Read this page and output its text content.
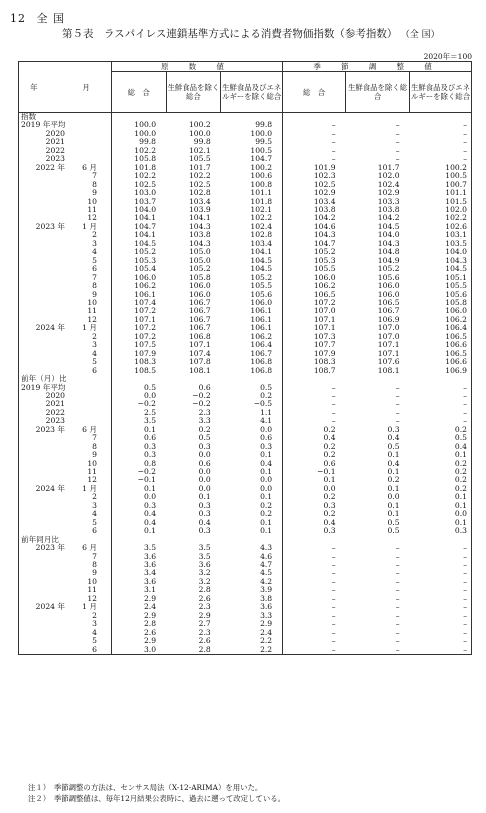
12 全 国
第５表　ラスパイレス連鎖基準方式による消費者物価指数（参考指数） （全 国）
2020年＝100
年　　月	原 数 値			季 節 調 整 値		
	総　合	生鮮食品を除く総合	生鮮食品及びエネルギーを除く総合	総　合	生鮮食品を除く総合	生鮮食品及びエネルギーを除く総合
指数						
2019 年平均	100.0	100.2	99.8	–	–	–
2020	100.0	100.0	100.0	–	–	–
2021	99.8	99.8	99.5	–	–	–
2022	102.2	102.1	100.5	–	–	–
2023	105.8	105.5	104.7	–	–	–
2022 年 6 月	101.8	101.7	100.2	101.9	101.7	100.2
7	102.2	102.2	100.6	102.3	102.0	100.5
8	102.5	102.5	100.8	102.5	102.4	100.7
9	103.0	102.8	101.1	102.9	102.9	101.1
10	103.7	103.4	101.8	103.4	103.3	101.5
11	104.0	103.9	102.1	103.8	103.8	102.0
12	104.1	104.1	102.2	104.2	104.2	102.2
2023 年 1 月	104.7	104.3	102.4	104.6	104.5	102.6
2	104.1	103.8	102.8	104.3	104.0	103.1
3	104.5	104.3	103.4	104.7	104.3	103.5
4	105.2	105.0	104.1	105.2	104.8	104.0
5	105.3	105.0	104.5	105.3	104.9	104.3
6	105.4	105.2	104.5	105.5	105.2	104.5
7	106.0	105.8	105.2	106.0	105.6	105.1
8	106.2	106.0	105.5	106.2	106.0	105.5
9	106.1	106.0	105.6	106.5	106.0	105.6
10	107.4	106.7	106.0	107.2	106.5	105.8
11	107.2	106.7	106.1	107.0	106.7	106.0
12	107.1	106.7	106.1	107.1	106.9	106.2
2024 年 1 月	107.2	106.7	106.1	107.1	107.0	106.4
2	107.2	106.8	106.2	107.3	107.0	106.5
3	107.5	107.1	106.4	107.7	107.1	106.6
4	107.9	107.4	106.7	107.9	107.1	106.5
5	108.3	107.8	106.8	108.3	107.6	106.6
6	108.5	108.1	106.8	108.7	108.1	106.9
前年（月）比						
2019 年平均	0.5	0.6	0.5	–	–	–
2020	0.0	−0.2	0.2	–	–	–
2021	−0.2	−0.2	−0.5	–	–	–
2022	2.5	2.3	1.1	–	–	–
2023	3.5	3.3	4.1	–	–	–
2023 年 6 月	0.1	0.2	0.0	0.2	0.3	0.2
7	0.6	0.5	0.6	0.4	0.4	0.5
8	0.3	0.3	0.3	0.2	0.5	0.4
9	0.3	0.0	0.1	0.2	0.1	0.1
10	0.8	0.6	0.4	0.6	0.4	0.2
11	−0.2	0.0	0.1	−0.1	0.1	0.2
12	−0.1	0.0	0.0	0.1	0.2	0.2
2024 年 1 月	0.1	0.0	0.0	0.0	0.1	0.2
2	0.0	0.1	0.1	0.2	0.0	0.1
3	0.3	0.3	0.2	0.3	0.1	0.1
4	0.4	0.3	0.2	0.2	0.1	0.0
5	0.4	0.4	0.1	0.4	0.5	0.1
6	0.1	0.3	0.1	0.3	0.5	0.3
前年同月比						
2023 年 6 月	3.5	3.5	4.3	–	–	–
7	3.6	3.5	4.6	–	–	–
8	3.6	3.6	4.7	–	–	–
9	3.4	3.2	4.5	–	–	–
10	3.6	3.2	4.2	–	–	–
11	3.1	2.8	3.9	–	–	–
12	2.9	2.6	3.8	–	–	–
2024 年 1 月	2.4	2.3	3.6	–	–	–
2	2.9	2.9	3.3	–	–	–
3	2.8	2.7	2.9	–	–	–
4	2.6	2.3	2.4	–	–	–
5	2.9	2.6	2.2	–	–	–
6	3.0	2.8	2.2	–	–	–
注１）　季節調整の方法は、センサス局法（X-12-ARIMA）を用いた。
注２）　季節調整値は、毎年12月結果公表時に、過去に遡って改定している。
